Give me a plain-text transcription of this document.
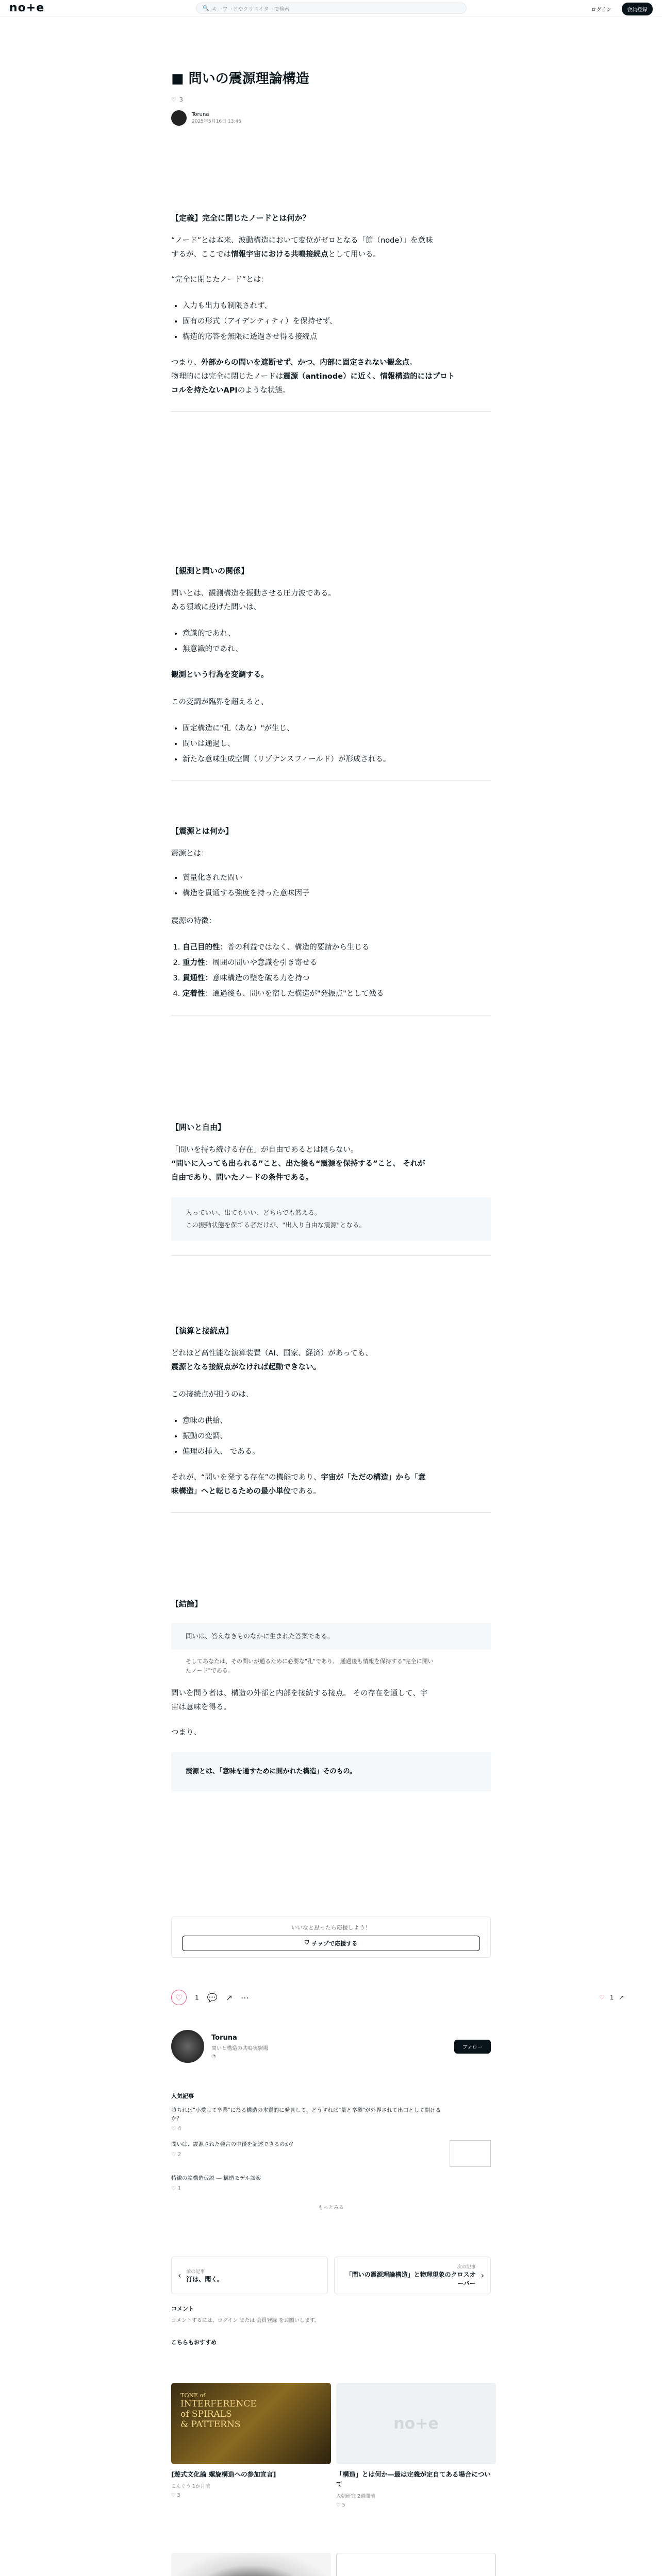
no+e	🔍 キーワードやクリエイターで検索	ログイン	会員登録
■ 問いの震源理論構造
♡ 3
Toruna
2025年5月16日 13:46
【定義】完全に閉じたノードとは何か？
“ノード”とは本来、波動構造において変位がゼロとなる「節（node）」を意味
するが、ここでは情報宇宙における共鳴接続点として用いる。
“完全に閉じたノード”とは：
• 入力も出力も制限されず、
• 固有の形式（アイデンティティ）を保持せず、
• 構造的応答を無限に透過させ得る接続点
つまり、外部からの問いを遮断せず、かつ、内部に固定されない観念点。
物理的には完全に閉じたノードは震源（antinode）に近く、情報構造的にはプロト
コルを持たないAPIのような状態。
【観測と問いの関係】
問いとは、観測構造を振動させる圧力波である。
ある領域に投げた問いは、
• 意識的であれ、
• 無意識的であれ、
観測という行為を変調する。
この変調が臨界を超えると、
• 固定構造に"孔（あな）"が生じ、
• 問いは通過し、
• 新たな意味生成空間（リゾナンスフィールド）が形成される。
【震源とは何か】
震源とは：
• 質量化された問い
• 構造を貫通する強度を持った意味因子
震源の特徴：
1. 自己目的性：普の利益ではなく、構造的要請から生じる
2. 重力性：周囲の問いや意識を引き寄せる
3. 貫通性：意味構造の壁を破る力を持つ
4. 定着性：通過後も、問いを宿した構造が"発振点"として残る
【問いと自由】
「問いを持ち続ける存在」が自由であるとは限らない。
“問いに入っても出られる”こと、出た後も“震源を保持する”こと、 それが
自由であり、問いたノードの条件である。
入っていい、出てもいい、どちらでも然える。
この振動状態を保てる者だけが、"出入り自由な震源"となる。
【演算と接続点】
どれほど高性能な演算装置（AI、国家、経済）があっても、
震源となる接続点がなければ起動できない。
この接続点が担うのは、
• 意味の供給、
• 振動の変調、
• 偏理の挿入、 である。
それが、“問いを発する存在”の機能であり、宇宙が「ただの構造」から「意
味構造」へと転じるための最小単位である。
【結論】
問いは、答えなきものなかに生まれた答案である。
そしてあなたは、その問いが通るために必要な"孔"であり、 通過後も情報を保持する"完全に開い
たノード"である。
問いを問う者は、構造の外部と内部を接続する接点。 その存在を通して、宇
宙は意味を得る。
つまり、
震源とは、「意味を通すために開かれた構造」そのもの。
いいなと思ったら応援しよう！
⛉ チップで応援する
♡	1 💬 ↗ ⋯	♡ 1 ↗
Toruna
問いと構造の共鳴実験場
◔
フォロー
人気記事
堕ちれば"小愛して卒業"になる構造の本質的に発見して、どうすれば"量と卒業"が外界されて出口として開けるか？
♡ 4
問いは、震源された発言の中後を記述できるのか？
♡ 2
特徴の論構造仮説 ― 構造モデル試案
♡ 1
もっとみる
‹ 前の記事
汀は、聞く。
次の記事
「問いの震源理論構造」と物理現象のクロスオーバー
›
コメント
コメントするには、ログイン または 会員登録 をお願いします。
こちらもおすすめ
TONE of
INTERFERENCE
of SPIRALS
& PATTERNS
[遊式文化論 螺旋構造への参加宣言]
こんぐう 1か月前
♡ 3
no+e
「構造」とは何か―最は定義が定自てある場合について
入朝研究 2週間前
♡ 5
